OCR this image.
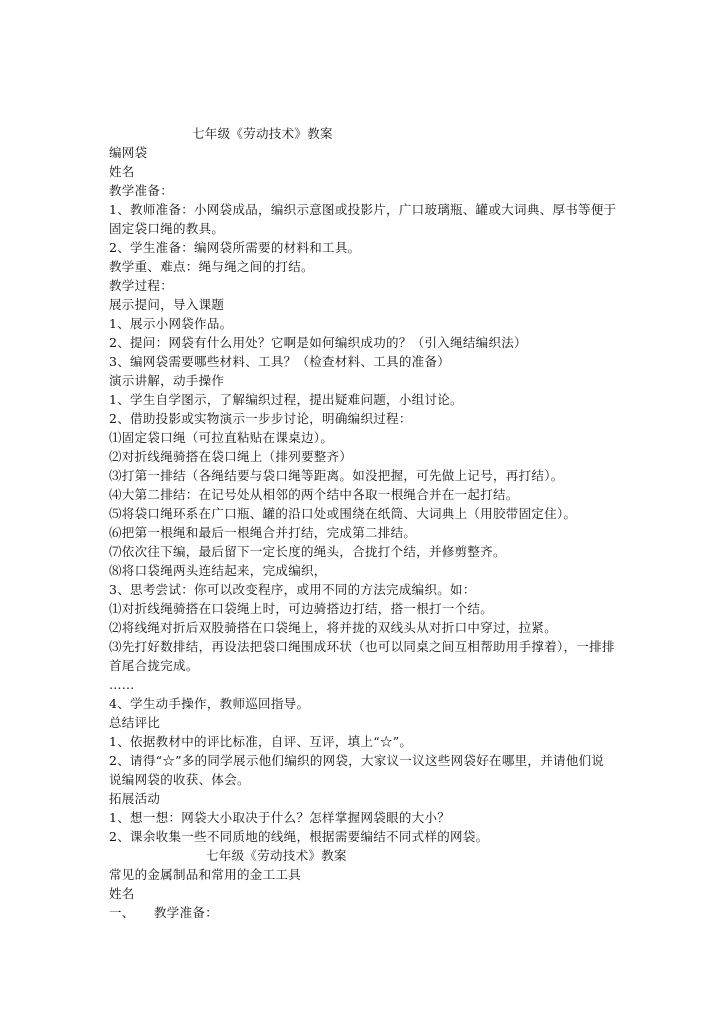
七年级《劳动技术》教案
编网袋
姓名
教学准备：
1、教师准备：小网袋成品，编织示意图或投影片，广口玻璃瓶、罐或大词典、厚书等便于
固定袋口绳的教具。
2、学生准备：编网袋所需要的材料和工具。
教学重、难点：绳与绳之间的打结。
教学过程：
展示提问，导入课题
1、展示小网袋作品。
2、提问：网袋有什么用处？它啊是如何编织成功的？（引入绳结编织法）
3、编网袋需要哪些材料、工具？（检查材料、工具的准备）
演示讲解，动手操作
1、学生自学图示，了解编织过程，提出疑难问题，小组讨论。
2、借助投影或实物演示一步步讨论，明确编织过程：
⑴固定袋口绳（可拉直粘贴在课桌边）。
⑵对折线绳骑搭在袋口绳上（排列要整齐）
⑶打第一排结（各绳结要与袋口绳等距离。如没把握，可先做上记号，再打结）。
⑷大第二排结：在记号处从相邻的两个结中各取一根绳合并在一起打结。
⑸将袋口绳环系在广口瓶、罐的沿口处或围绕在纸筒、大词典上（用胶带固定住）。
⑹把第一根绳和最后一根绳合并打结，完成第二排结。
⑺依次往下编，最后留下一定长度的绳头，合拢打个结，并修剪整齐。
⑻将口袋绳两头连结起来，完成编织，
3、思考尝试：你可以改变程序，或用不同的方法完成编织。如：
⑴对折线绳骑搭在口袋绳上时，可边骑搭边打结，搭一根打一个结。
⑵将线绳对折后双股骑搭在口袋绳上，将并拢的双线头从对折口中穿过，拉紧。
⑶先打好数排结，再设法把袋口绳围成环状（也可以同桌之间互相帮助用手撑着），一排排
首尾合拢完成。
……
4、学生动手操作，教师巡回指导。
总结评比
1、依据教材中的评比标准，自评、互评，填上“☆”。
2、请得“☆”多的同学展示他们编织的网袋，大家议一议这些网袋好在哪里，并请他们说
说编网袋的收获、体会。
拓展活动
1、想一想：网袋大小取决于什么？怎样掌握网袋眼的大小？
2、课余收集一些不同质地的线绳，根据需要编结不同式样的网袋。
七年级《劳动技术》教案
常见的金属制品和常用的金工工具
姓名
一、 教学准备：
